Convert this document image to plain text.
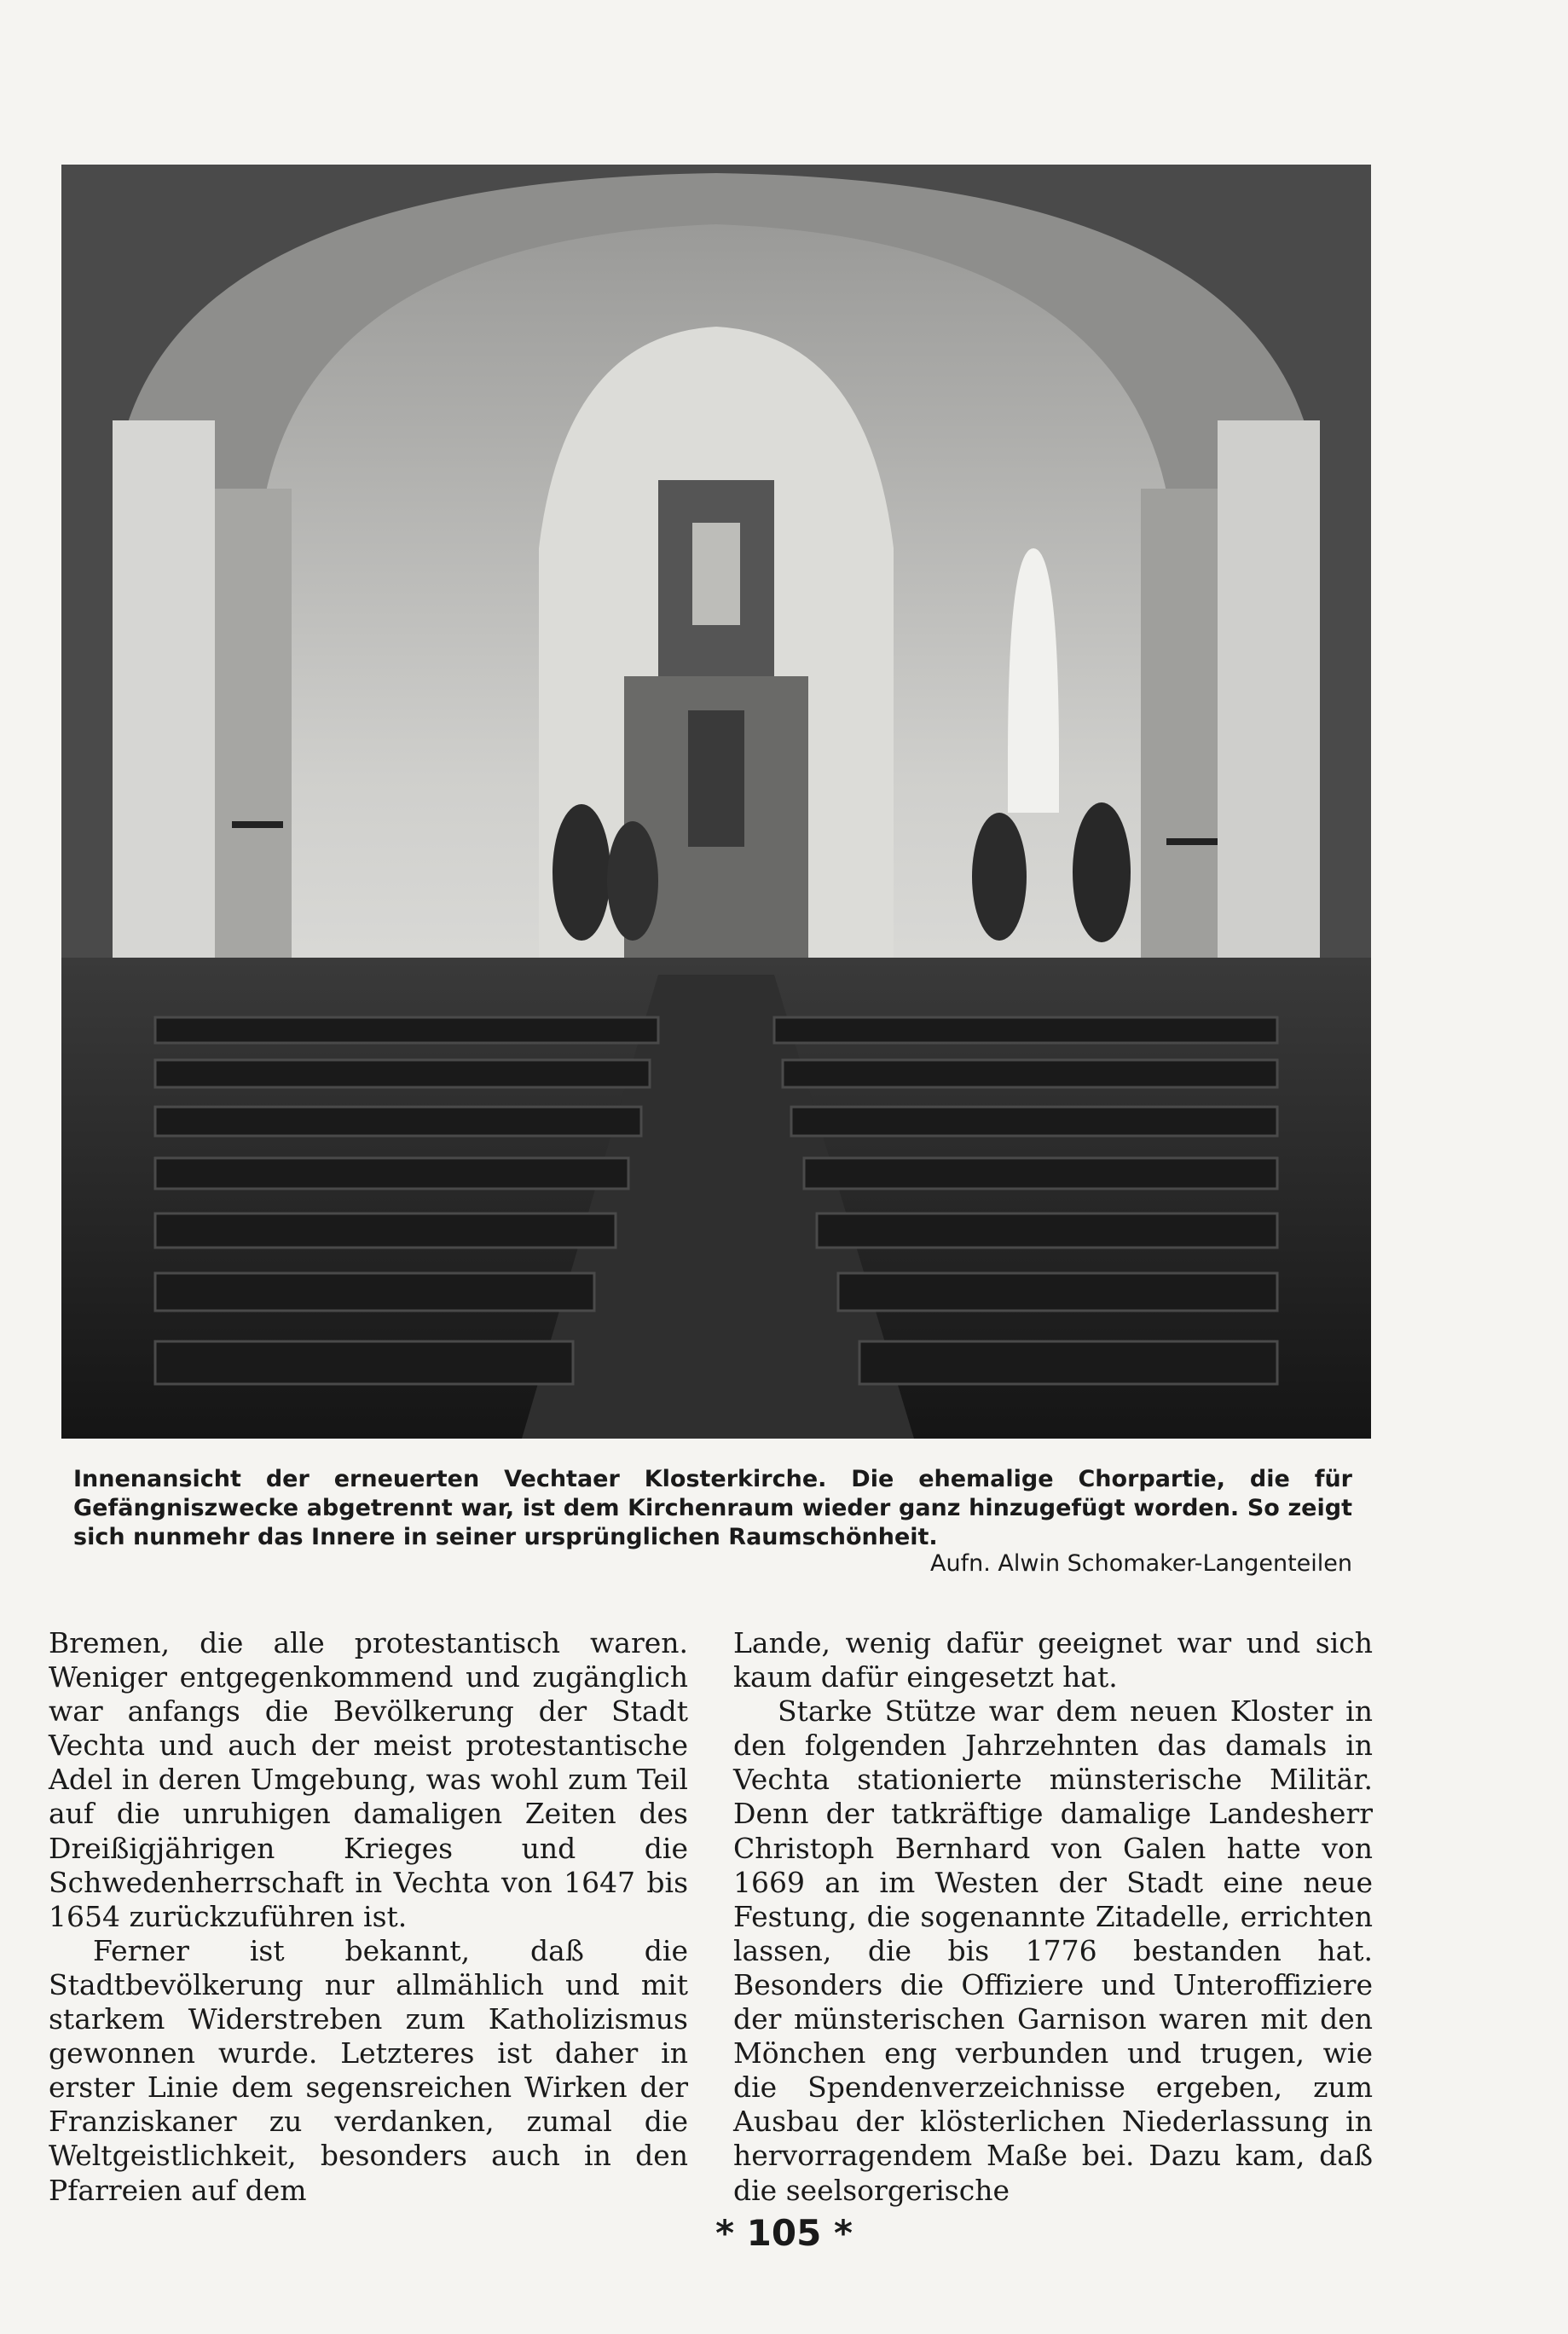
Innenansicht der erneuerten Vechtaer Klosterkirche. Die ehemalige Chorpartie, die für Gefängniszwecke abgetrennt war, ist dem Kirchenraum wieder ganz hinzugefügt worden. So zeigt sich nunmehr das Innere in seiner ursprünglichen Raumschönheit.
Aufn. Alwin Schomaker-Langenteilen

Bremen, die alle protestantisch waren. Weniger entgegenkommend und zugänglich war anfangs die Bevölkerung der Stadt Vechta und auch der meist protestantische Adel in deren Umgebung, was wohl zum Teil auf die unruhigen damaligen Zeiten des Dreißigjährigen Krieges und die Schwedenherrschaft in Vechta von 1647 bis 1654 zurückzuführen ist.

Ferner ist bekannt, daß die Stadtbevölkerung nur allmählich und mit starkem Widerstreben zum Katholizismus gewonnen wurde. Letzteres ist daher in erster Linie dem segensreichen Wirken der Franziskaner zu verdanken, zumal die Weltgeistlichkeit, besonders auch in den Pfarreien auf dem

Lande, wenig dafür geeignet war und sich kaum dafür eingesetzt hat.

Starke Stütze war dem neuen Kloster in den folgenden Jahrzehnten das damals in Vechta stationierte münsterische Militär. Denn der tatkräftige damalige Landesherr Christoph Bernhard von Galen hatte von 1669 an im Westen der Stadt eine neue Festung, die sogenannte Zitadelle, errichten lassen, die bis 1776 bestanden hat. Besonders die Offiziere und Unteroffiziere der münsterischen Garnison waren mit den Mönchen eng verbunden und trugen, wie die Spendenverzeichnisse ergeben, zum Ausbau der klösterlichen Niederlassung in hervorragendem Maße bei. Dazu kam, daß die seelsorgerische

* 105 *
